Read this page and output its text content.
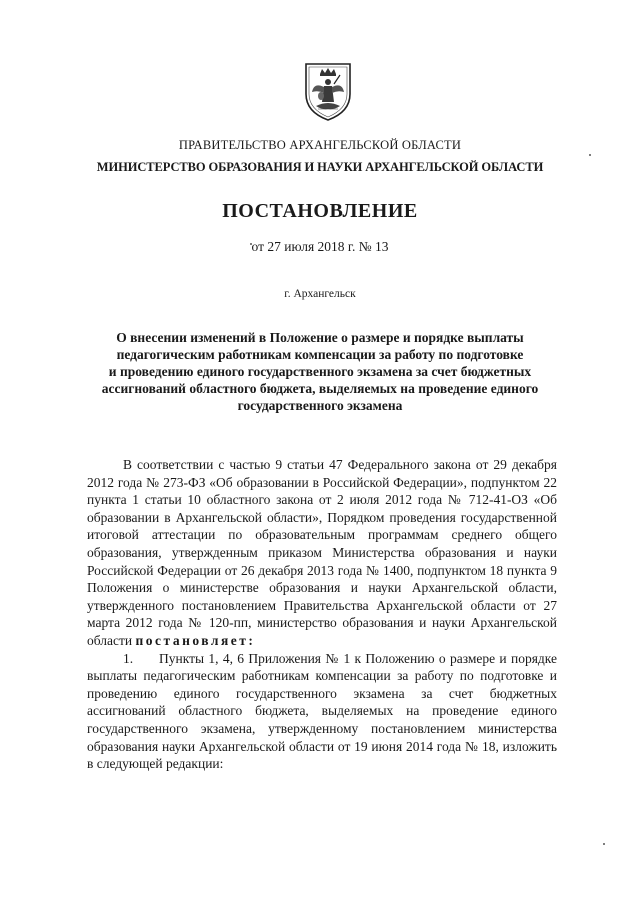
ПРАВИТЕЛЬСТВО АРХАНГЕЛЬСКОЙ ОБЛАСТИ
МИНИСТЕРСТВО ОБРАЗОВАНИЯ И НАУКИ АРХАНГЕЛЬСКОЙ ОБЛАСТИ
ПОСТАНОВЛЕНИЕ
от 27 июля 2018 г. № 13
г. Архангельск
О внесении изменений в Положение о размере и порядке выплаты
педагогическим работникам компенсации за работу по подготовке
и проведению единого государственного экзамена за счет бюджетных
ассигнований областного бюджета, выделяемых на проведение единого
государственного экзамена

В соответствии с частью 9 статьи 47 Федерального закона от 29 декабря 2012 года № 273-ФЗ «Об образовании в Российской Федерации», подпунктом 22 пункта 1 статьи 10 областного закона от 2 июля 2012 года № 712-41-ОЗ «Об образовании в Архангельской области», Порядком проведения государственной итоговой аттестации по образовательным программам среднего общего образования, утвержденным приказом Министерства образования и науки Российской Федерации от 26 декабря 2013 года № 1400, подпунктом 18 пункта 9 Положения о министерстве образования и науки Архангельской области, утвержденного постановлением Правительства Архангельской области от 27 марта 2012 года № 120-пп, министерство образования и науки Архангельской области постановляет:

1. Пункты 1, 4, 6 Приложения № 1 к Положению о размере и порядке выплаты педагогическим работникам компенсации за работу по подготовке и проведению единого государственного экзамена за счет бюджетных ассигнований областного бюджета, выделяемых на проведение единого государственного экзамена, утвержденному постановлением министерства образования науки Архангельской области от 19 июня 2014 года № 18, изложить в следующей редакции:
